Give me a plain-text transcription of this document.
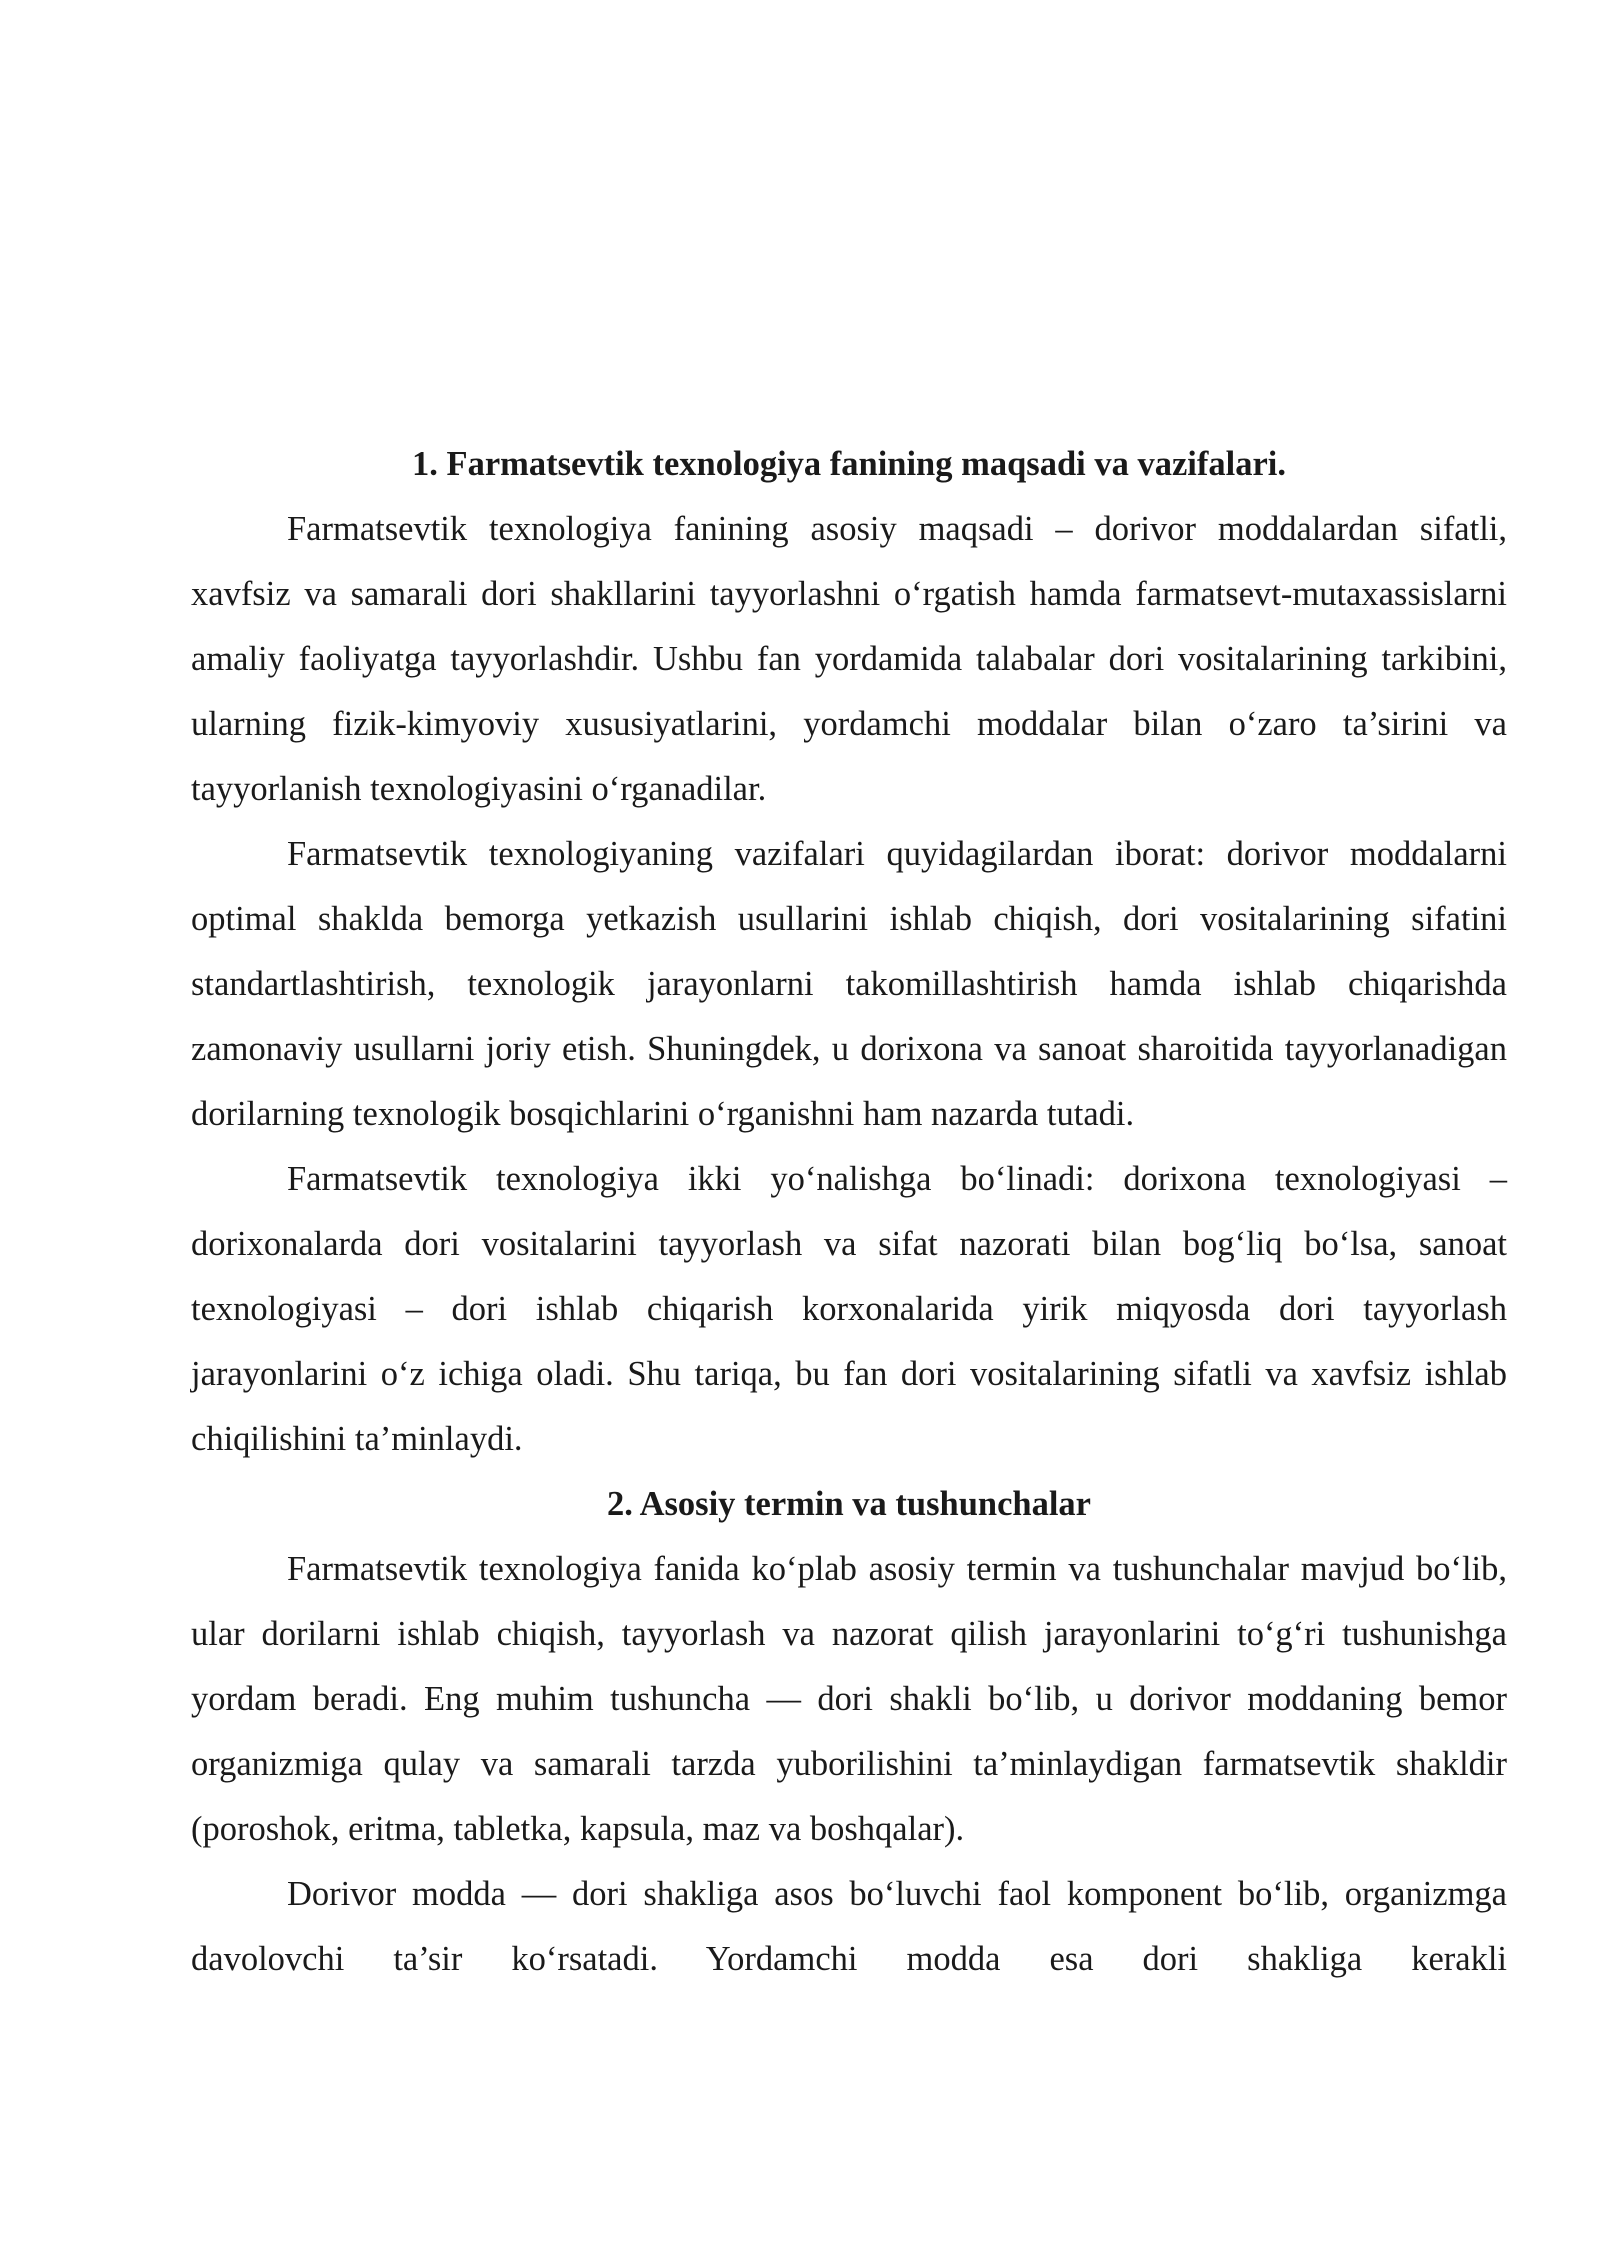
1. Farmatsevtik texnologiya fanining maqsadi va vazifalari.

Farmatsevtik texnologiya fanining asosiy maqsadi – dorivor moddalardan sifatli, xavfsiz va samarali dori shakllarini tayyorlashni o‘rgatish hamda farmatsevt-mutaxassislarni amaliy faoliyatga tayyorlashdir. Ushbu fan yordamida talabalar dori vositalarining tarkibini, ularning fizik-kimyoviy xususiyatlarini, yordamchi moddalar bilan o‘zaro ta’sirini va tayyorlanish texnologiyasini o‘rganadilar.

Farmatsevtik texnologiyaning vazifalari quyidagilardan iborat: dorivor moddalarni optimal shaklda bemorga yetkazish usullarini ishlab chiqish, dori vositalarining sifatini standartlashtirish, texnologik jarayonlarni takomillashtirish hamda ishlab chiqarishda zamonaviy usullarni joriy etish. Shuningdek, u dorixona va sanoat sharoitida tayyorlanadigan dorilarning texnologik bosqichlarini o‘rganishni ham nazarda tutadi.

Farmatsevtik texnologiya ikki yo‘nalishga bo‘linadi: dorixona texnologiyasi – dorixonalarda dori vositalarini tayyorlash va sifat nazorati bilan bog‘liq bo‘lsa, sanoat texnologiyasi – dori ishlab chiqarish korxonalarida yirik miqyosda dori tayyorlash jarayonlarini o‘z ichiga oladi. Shu tariqa, bu fan dori vositalarining sifatli va xavfsiz ishlab chiqilishini ta’minlaydi.

2. Asosiy termin va tushunchalar

Farmatsevtik texnologiya fanida ko‘plab asosiy termin va tushunchalar mavjud bo‘lib, ular dorilarni ishlab chiqish, tayyorlash va nazorat qilish jarayonlarini to‘g‘ri tushunishga yordam beradi. Eng muhim tushuncha — dori shakli bo‘lib, u dorivor moddaning bemor organizmiga qulay va samarali tarzda yuborilishini ta’minlaydigan farmatsevtik shakldir (poroshok, eritma, tabletka, kapsula, maz va boshqalar).

Dorivor modda — dori shakliga asos bo‘luvchi faol komponent bo‘lib, organizmga davolovchi ta’sir ko‘rsatadi. Yordamchi modda esa dori shakliga kerakli
